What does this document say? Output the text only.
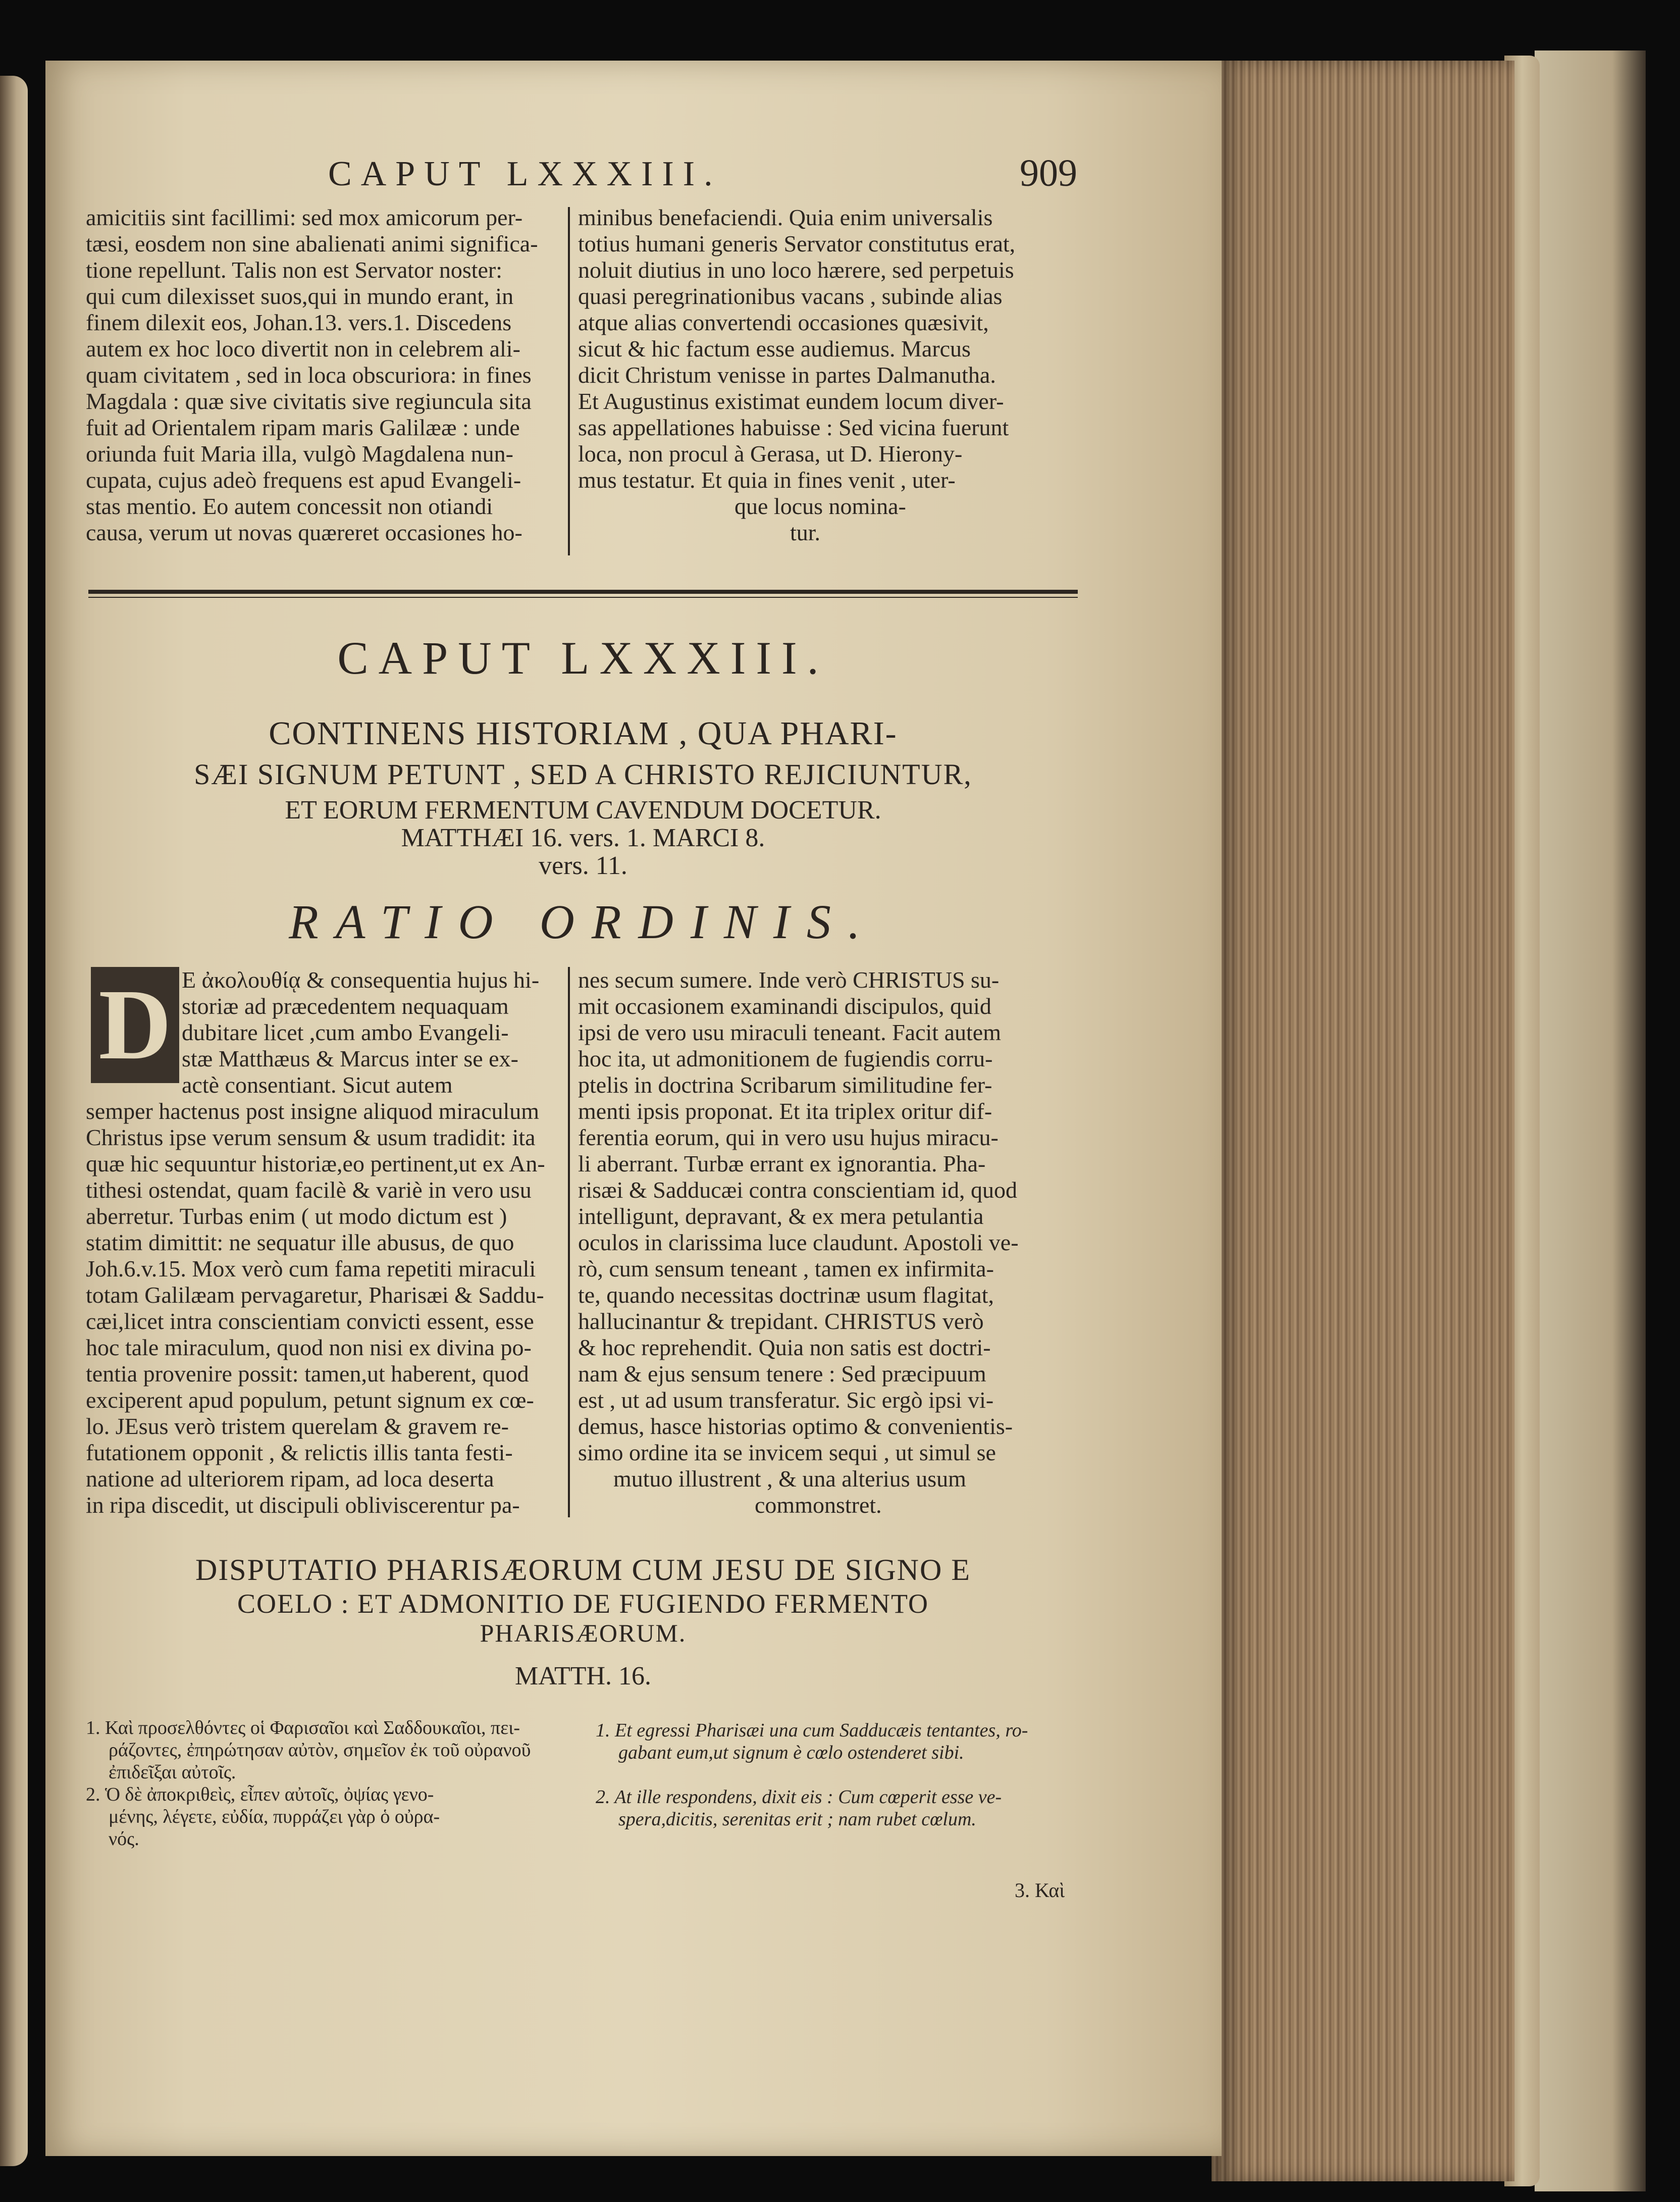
CAPUT LXXXIII.	909
amicitiis sint facillimi: sed mox amicorum per-
tæsi, eosdem non sine abalienati animi significa-
tione repellunt. Talis non est Servator noster:
qui cum dilexisset suos,qui in mundo erant, in
finem dilexit eos, Johan.13. vers.1. Discedens
autem ex hoc loco divertit non in celebrem ali-
quam civitatem , sed in loca obscuriora: in fines
Magdala : quæ sive civitatis sive regiuncula sita
fuit ad Orientalem ripam maris Galilææ : unde
oriunda fuit Maria illa, vulgò Magdalena nun-
cupata, cujus adeò frequens est apud Evangeli-
stas mentio. Eo autem concessit non otiandi
causa, verum ut novas quæreret occasiones ho-
minibus benefaciendi. Quia enim universalis
totius humani generis Servator constitutus erat,
noluit diutius in uno loco hærere, sed perpetuis
quasi peregrinationibus vacans , subinde alias
atque alias convertendi occasiones quæsivit,
sicut & hic factum esse audiemus. Marcus
dicit Christum venisse in partes Dalmanutha.
Et Augustinus existimat eundem locum diver-
sas appellationes habuisse : Sed vicina fuerunt
loca, non procul à Gerasa, ut D. Hierony-
mus testatur. Et quia in fines venit , uter-
que locus nomina-
tur.
CAPUT LXXXIII.
CONTINENS HISTORIAM , QUA PHARI-
SÆI SIGNUM PETUNT , SED A CHRISTO REJICIUNTUR,
ET EORUM FERMENTUM CAVENDUM DOCETUR.
MATTHÆI 16. vers. 1. MARCI 8.
vers. 11.
RATIO ORDINIS.
D E ἀκολουθίᾳ & consequentia hujus hi-
storiæ ad præcedentem nequaquam
dubitare licet ,cum ambo Evangeli-
stæ Matthæus & Marcus inter se ex-
actè consentiant. Sicut autem
semper hactenus post insigne aliquod miraculum
Christus ipse verum sensum & usum tradidit: ita
quæ hic sequuntur historiæ,eo pertinent,ut ex An-
tithesi ostendat, quam facilè & variè in vero usu
aberretur. Turbas enim ( ut modo dictum est )
statim dimittit: ne sequatur ille abusus, de quo
Joh.6.v.15. Mox verò cum fama repetiti miraculi
totam Galilæam pervagaretur, Pharisæi & Saddu-
cæi,licet intra conscientiam convicti essent, esse
hoc tale miraculum, quod non nisi ex divina po-
tentia provenire possit: tamen,ut haberent, quod
exciperent apud populum, petunt signum ex cœ-
lo. JEsus verò tristem querelam & gravem re-
futationem opponit , & relictis illis tanta festi-
natione ad ulteriorem ripam, ad loca deserta
in ripa discedit, ut discipuli obliviscerentur pa-
nes secum sumere. Inde verò CHRISTUS su-
mit occasionem examinandi discipulos, quid
ipsi de vero usu miraculi teneant. Facit autem
hoc ita, ut admonitionem de fugiendis corru-
ptelis in doctrina Scribarum similitudine fer-
menti ipsis proponat. Et ita triplex oritur dif-
ferentia eorum, qui in vero usu hujus miracu-
li aberrant. Turbæ errant ex ignorantia. Pha-
risæi & Sadducæi contra conscientiam id, quod
intelligunt, depravant, & ex mera petulantia
oculos in clarissima luce claudunt. Apostoli ve-
rò, cum sensum teneant , tamen ex infirmita-
te, quando necessitas doctrinæ usum flagitat,
hallucinantur & trepidant. CHRISTUS verò
& hoc reprehendit. Quia non satis est doctri-
nam & ejus sensum tenere : Sed præcipuum
est , ut ad usum transferatur. Sic ergò ipsi vi-
demus, hasce historias optimo & convenientis-
simo ordine ita se invicem sequi , ut simul se
mutuo illustrent , & una alterius usum
commonstret.
DISPUTATIO PHARISÆORUM CUM JESU DE SIGNO E
COELO : ET ADMONITIO DE FUGIENDO FERMENTO
PHARISÆORUM.
MATTH. 16.
1. Καὶ προσελθόντες οἱ Φαρισαῖοι καὶ Σαδδουκαῖοι, πει-
ράζοντες, ἐπηρώτησαν αὐτὸν, σημεῖον ἐκ τοῦ οὐρανοῦ
ἐπιδεῖξαι αὐτοῖς.
2. Ὁ δὲ ἀποκριθεὶς, εἶπεν αὐτοῖς, ὀψίας γενο-
μένης, λέγετε, εὐδία, πυρράζει γὰρ ὁ οὐρα-
νός.
1. Et egressi Pharisæi una cum Sadducæis tentantes, ro-
gabant eum,ut signum è cœlo ostenderet sibi.
2. At ille respondens, dixit eis : Cum cœperit esse ve-
spera,dicitis, serenitas erit ; nam rubet cœlum.
3. Καὶ
